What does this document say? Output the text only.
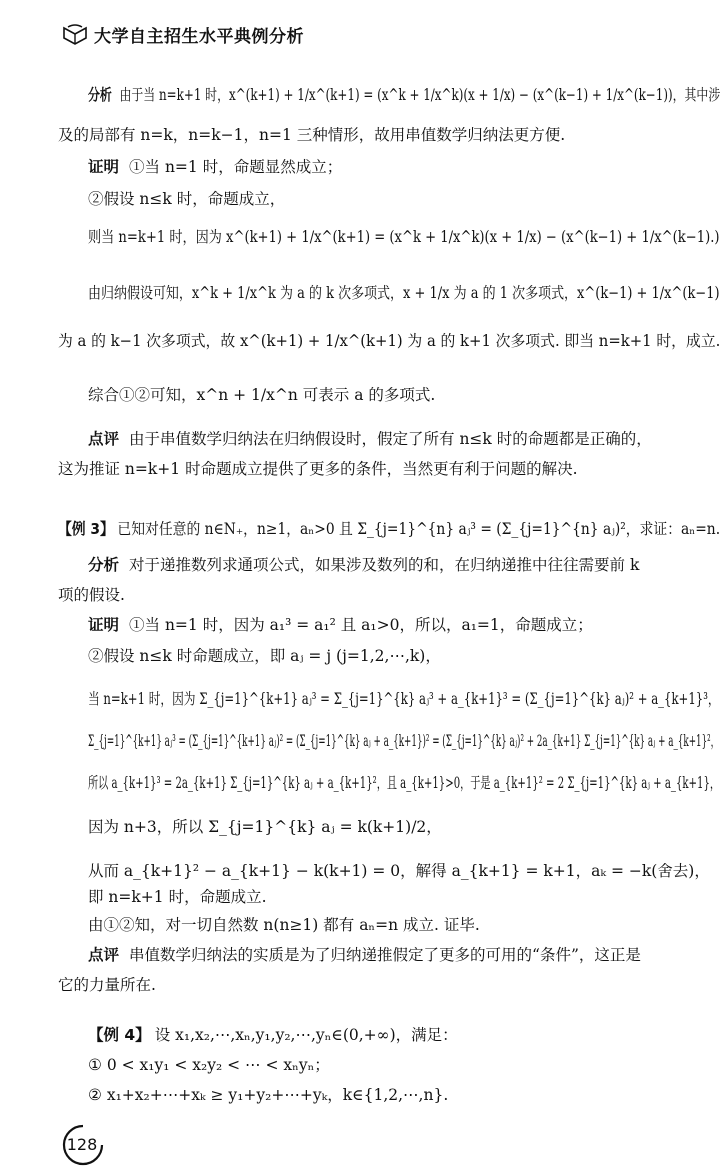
大学自主招生水平典例分析
分析 由于当 n=k+1 时，x^(k+1) + 1/x^(k+1) = (x^k + 1/x^k)(x + 1/x) − (x^(k−1) + 1/x^(k−1))，其中涉
及的局部有 n=k，n=k−1，n=1 三种情形，故用串值数学归纳法更方便.
证明 ①当 n=1 时，命题显然成立；
②假设 n≤k 时，命题成立，
则当 n=k+1 时，因为 x^(k+1) + 1/x^(k+1) = (x^k + 1/x^k)(x + 1/x) − (x^(k−1) + 1/x^(k−1).)
由归纳假设可知，x^k + 1/x^k 为 a 的 k 次多项式，x + 1/x 为 a 的 1 次多项式，x^(k−1) + 1/x^(k−1)
为 a 的 k−1 次多项式，故 x^(k+1) + 1/x^(k+1) 为 a 的 k+1 次多项式. 即当 n=k+1 时，成立.
综合①②可知，x^n + 1/x^n 可表示 a 的多项式.
点评 由于串值数学归纳法在归纳假设时，假定了所有 n≤k 时的命题都是正确的，
这为推证 n=k+1 时命题成立提供了更多的条件，当然更有利于问题的解决.
【例 3】 已知对任意的 n∈N₊，n≥1，aₙ>0 且 Σ_{j=1}^{n} aⱼ³ = (Σ_{j=1}^{n} aⱼ)²，求证：aₙ=n.
分析 对于递推数列求通项公式，如果涉及数列的和，在归纳递推中往往需要前 k
项的假设.
证明 ①当 n=1 时，因为 a₁³ = a₁² 且 a₁>0，所以，a₁=1，命题成立；
②假设 n≤k 时命题成立，即 aⱼ = j (j=1,2,⋯,k)，
当 n=k+1 时，因为 Σ_{j=1}^{k+1} aⱼ³ = Σ_{j=1}^{k} aⱼ³ + a_{k+1}³ = (Σ_{j=1}^{k} aⱼ)² + a_{k+1}³，
Σ_{j=1}^{k+1} aⱼ³ = (Σ_{j=1}^{k+1} aⱼ)² = (Σ_{j=1}^{k} aⱼ + a_{k+1})² = (Σ_{j=1}^{k} aⱼ)² + 2a_{k+1} Σ_{j=1}^{k} aⱼ + a_{k+1}²，
所以 a_{k+1}³ = 2a_{k+1} Σ_{j=1}^{k} aⱼ + a_{k+1}²，且 a_{k+1}>0，于是 a_{k+1}² = 2 Σ_{j=1}^{k} aⱼ + a_{k+1}，
因为 n+3，所以 Σ_{j=1}^{k} aⱼ = k(k+1)/2，
从而 a_{k+1}² − a_{k+1} − k(k+1) = 0，解得 a_{k+1} = k+1，aₖ = −k(舍去)，
即 n=k+1 时，命题成立.
由①②知，对一切自然数 n(n≥1) 都有 aₙ=n 成立. 证毕.
点评 串值数学归纳法的实质是为了归纳递推假定了更多的可用的“条件”，这正是
它的力量所在.
【例 4】 设 x₁,x₂,⋯,xₙ,y₁,y₂,⋯,yₙ∈(0,+∞)，满足：
① 0 < x₁y₁ < x₂y₂ < ⋯ < xₙyₙ；
② x₁+x₂+⋯+xₖ ≥ y₁+y₂+⋯+yₖ，k∈{1,2,⋯,n}.
128
